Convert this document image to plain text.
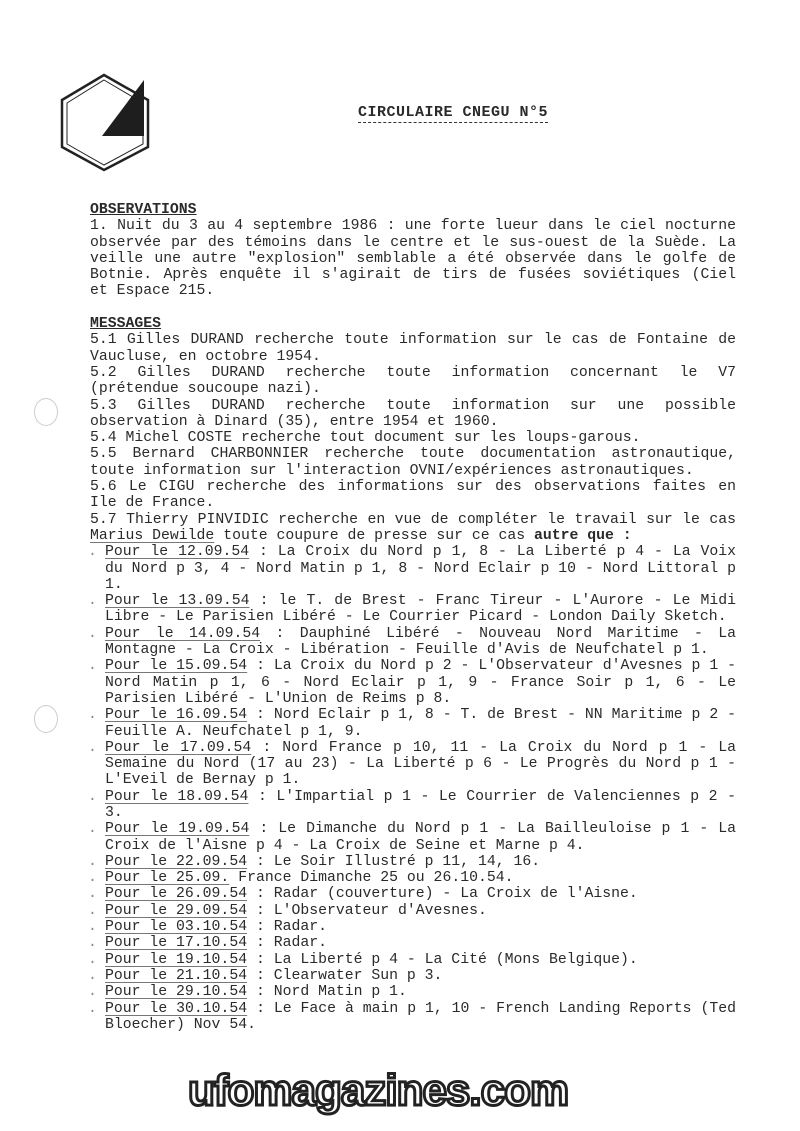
CIRCULAIRE CNEGU N°5
OBSERVATIONS

1. Nuit du 3 au 4 septembre 1986 : une forte lueur dans le ciel nocturne observée par des témoins dans le centre et le sus-ouest de la Suède. La veille une autre "explosion" semblable a été observée dans le golfe de Botnie. Après enquête il s'agirait de tirs de fusées soviétiques (Ciel et Espace 215.

MESSAGES

5.1 Gilles DURAND recherche toute information sur le cas de Fontaine de Vaucluse, en octobre 1954.

5.2 Gilles DURAND recherche toute information concernant le V7 (prétendue soucoupe nazi).

5.3 Gilles DURAND recherche toute information sur une possible observation à Dinard (35), entre 1954 et 1960.

5.4 Michel COSTE recherche tout document sur les loups-garous.

5.5 Bernard CHARBONNIER recherche toute documentation astronautique, toute information sur l'interaction OVNI/expériences astronautiques.

5.6 Le CIGU recherche des informations sur des observations faites en Ile de France.

5.7 Thierry PINVIDIC recherche en vue de compléter le travail sur le cas Marius Dewilde toute coupure de presse sur ce cas autre que :

. Pour le 12.09.54 : La Croix du Nord p 1, 8 - La Liberté p 4 - La Voix du Nord p 3, 4 - Nord Matin p 1, 8 - Nord Eclair p 10 - Nord Littoral p 1.
. Pour le 13.09.54 : le T. de Brest - Franc Tireur - L'Aurore - Le Midi Libre - Le Parisien Libéré - Le Courrier Picard - London Daily Sketch.
. Pour le 14.09.54 : Dauphiné Libéré - Nouveau Nord Maritime - La Montagne - La Croix - Libération - Feuille d'Avis de Neufchatel p 1.
. Pour le 15.09.54 : La Croix du Nord p 2 - L'Observateur d'Avesnes p 1 - Nord Matin p 1, 6 - Nord Eclair p 1, 9 - France Soir p 1, 6 - Le Parisien Libéré - L'Union de Reims p 8.
. Pour le 16.09.54 : Nord Eclair p 1, 8 - T. de Brest - NN Maritime p 2 - Feuille A. Neufchatel p 1, 9.
. Pour le 17.09.54 : Nord France p 10, 11 - La Croix du Nord p 1 - La Semaine du Nord (17 au 23) - La Liberté p 6 - Le Progrès du Nord p 1 - L'Eveil de Bernay p 1.
. Pour le 18.09.54 : L'Impartial p 1 - Le Courrier de Valenciennes p 2 - 3.
. Pour le 19.09.54 : Le Dimanche du Nord p 1 - La Bailleuloise p 1 - La Croix de l'Aisne p 4 - La Croix de Seine et Marne p 4.
. Pour le 22.09.54 : Le Soir Illustré p 11, 14, 16.
. Pour le 25.09. France Dimanche 25 ou 26.10.54.
. Pour le 26.09.54 : Radar (couverture) - La Croix de l'Aisne.
. Pour le 29.09.54 : L'Observateur d'Avesnes.
. Pour le 03.10.54 : Radar.
. Pour le 17.10.54 : Radar.
. Pour le 19.10.54 : La Liberté p 4 - La Cité (Mons Belgique).
. Pour le 21.10.54 : Clearwater Sun p 3.
. Pour le 29.10.54 : Nord Matin p 1.
. Pour le 30.10.54 : Le Face à main p 1, 10 - French Landing Reports (Ted Bloecher) Nov 54.
ufomagazines.com
